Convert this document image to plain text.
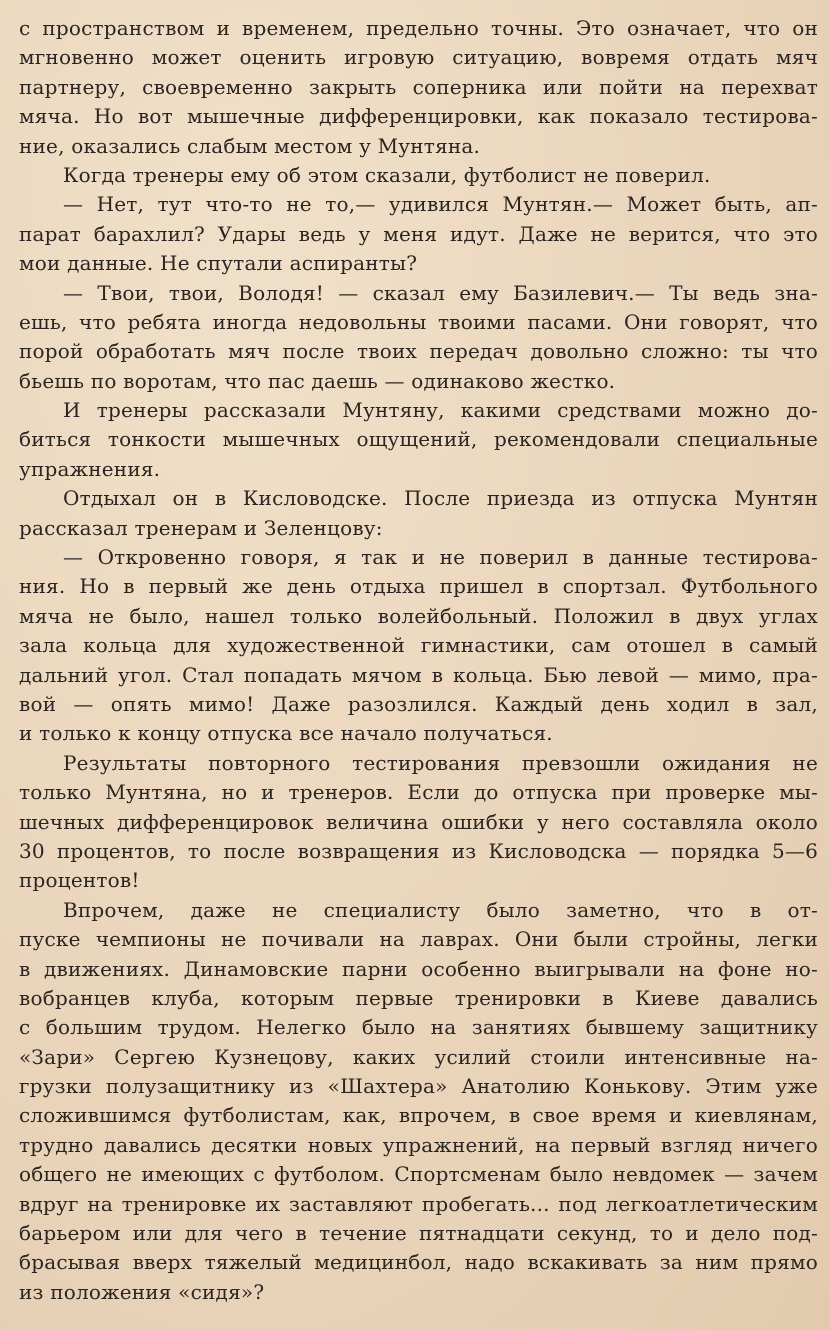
с пространством и временем, предельно точны. Это означает, что он
мгновенно может оценить игровую ситуацию, вовремя отдать мяч
партнеру, своевременно закрыть соперника или пойти на перехват
мяча. Но вот мышечные дифференцировки, как показало тестирова-
ние, оказались слабым местом у Мунтяна.
Когда тренеры ему об этом сказали, футболист не поверил.
— Нет, тут что-то не то,— удивился Мунтян.— Может быть, ап-
парат барахлил? Удары ведь у меня идут. Даже не верится, что это
мои данные. Не спутали аспиранты?
— Твои, твои, Володя! — сказал ему Базилевич.— Ты ведь зна-
ешь, что ребята иногда недовольны твоими пасами. Они говорят, что
порой обработать мяч после твоих передач довольно сложно: ты что
бьешь по воротам, что пас даешь — одинаково жестко.
И тренеры рассказали Мунтяну, какими средствами можно до-
биться тонкости мышечных ощущений, рекомендовали специальные
упражнения.
Отдыхал он в Кисловодске. После приезда из отпуска Мунтян
рассказал тренерам и Зеленцову:
— Откровенно говоря, я так и не поверил в данные тестирова-
ния. Но в первый же день отдыха пришел в спортзал. Футбольного
мяча не было, нашел только волейбольный. Положил в двух углах
зала кольца для художественной гимнастики, сам отошел в самый
дальний угол. Стал попадать мячом в кольца. Бью левой — мимо, пра-
вой — опять мимо! Даже разозлился. Каждый день ходил в зал,
и только к концу отпуска все начало получаться.
Результаты повторного тестирования превзошли ожидания не
только Мунтяна, но и тренеров. Если до отпуска при проверке мы-
шечных дифференцировок величина ошибки у него составляла около
30 процентов, то после возвращения из Кисловодска — порядка 5—6
процентов!
Впрочем, даже не специалисту было заметно, что в от-
пуске чемпионы не почивали на лаврах. Они были стройны, легки
в движениях. Динамовские парни особенно выигрывали на фоне но-
вобранцев клуба, которым первые тренировки в Киеве давались
с большим трудом. Нелегко было на занятиях бывшему защитнику
«Зари» Сергею Кузнецову, каких усилий стоили интенсивные на-
грузки полузащитнику из «Шахтера» Анатолию Конькову. Этим уже
сложившимся футболистам, как, впрочем, в свое время и киевлянам,
трудно давались десятки новых упражнений, на первый взгляд ничего
общего не имеющих с футболом. Спортсменам было невдомек — зачем
вдруг на тренировке их заставляют пробегать... под легкоатлетическим
барьером или для чего в течение пятнадцати секунд, то и дело под-
брасывая вверх тяжелый медицинбол, надо вскакивать за ним прямо
из положения «сидя»?
